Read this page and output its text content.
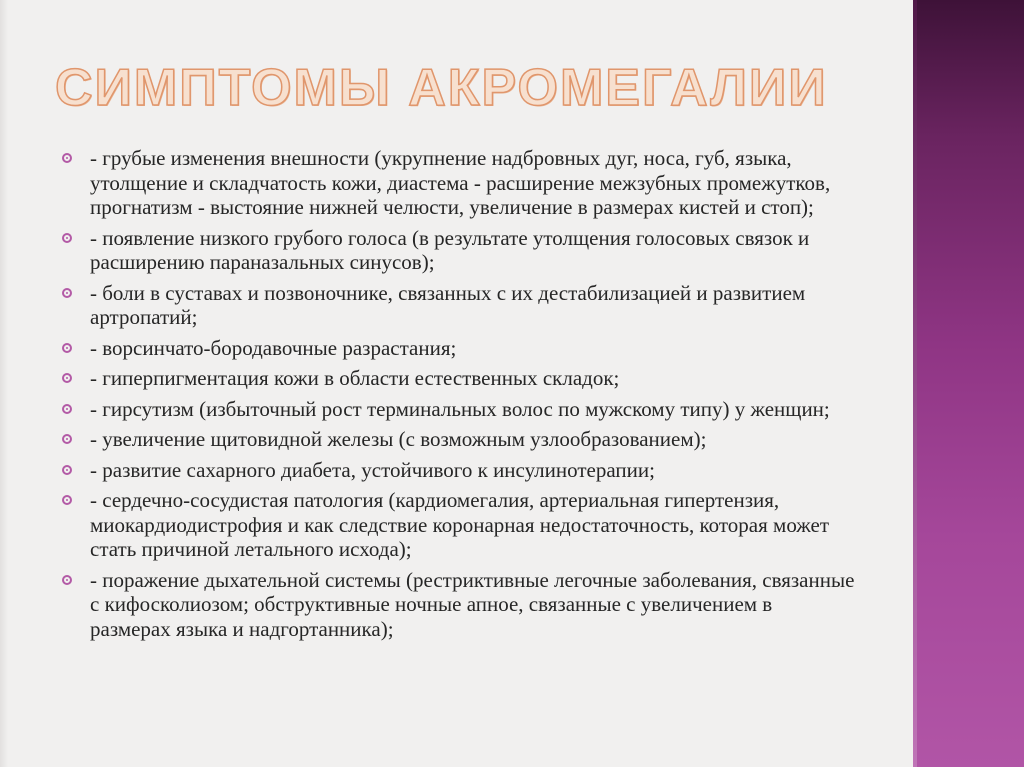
СИМПТОМЫ АКРОМЕГАЛИИ
- грубые изменения внешности (укрупнение надбровных дуг, носа, губ, языка, утолщение и складчатость кожи, диастема - расширение межзубных промежутков, прогнатизм - выстояние нижней челюсти, увеличение в размерах кистей и стоп);
- появление низкого грубого голоса (в результате утолщения голосовых связок и расширению параназальных синусов);
- боли в суставах и позвоночнике, связанных с их дестабилизацией и развитием артропатий;
- ворсинчато-бородавочные разрастания;
- гиперпигментация кожи в области естественных складок;
- гирсутизм (избыточный рост терминальных волос по мужскому типу) у женщин;
- увеличение щитовидной железы (с возможным узлообразованием);
- развитие сахарного диабета, устойчивого к инсулинотерапии;
- сердечно-сосудистая патология (кардиомегалия, артериальная гипертензия, миокардиодистрофия и как следствие коронарная недостаточность, которая может стать причиной летального исхода);
- поражение дыхательной системы (рестриктивные легочные заболевания, связанные с кифосколиозом; обструктивные ночные апное, связанные с увеличением в размерах языка и надгортанника);
